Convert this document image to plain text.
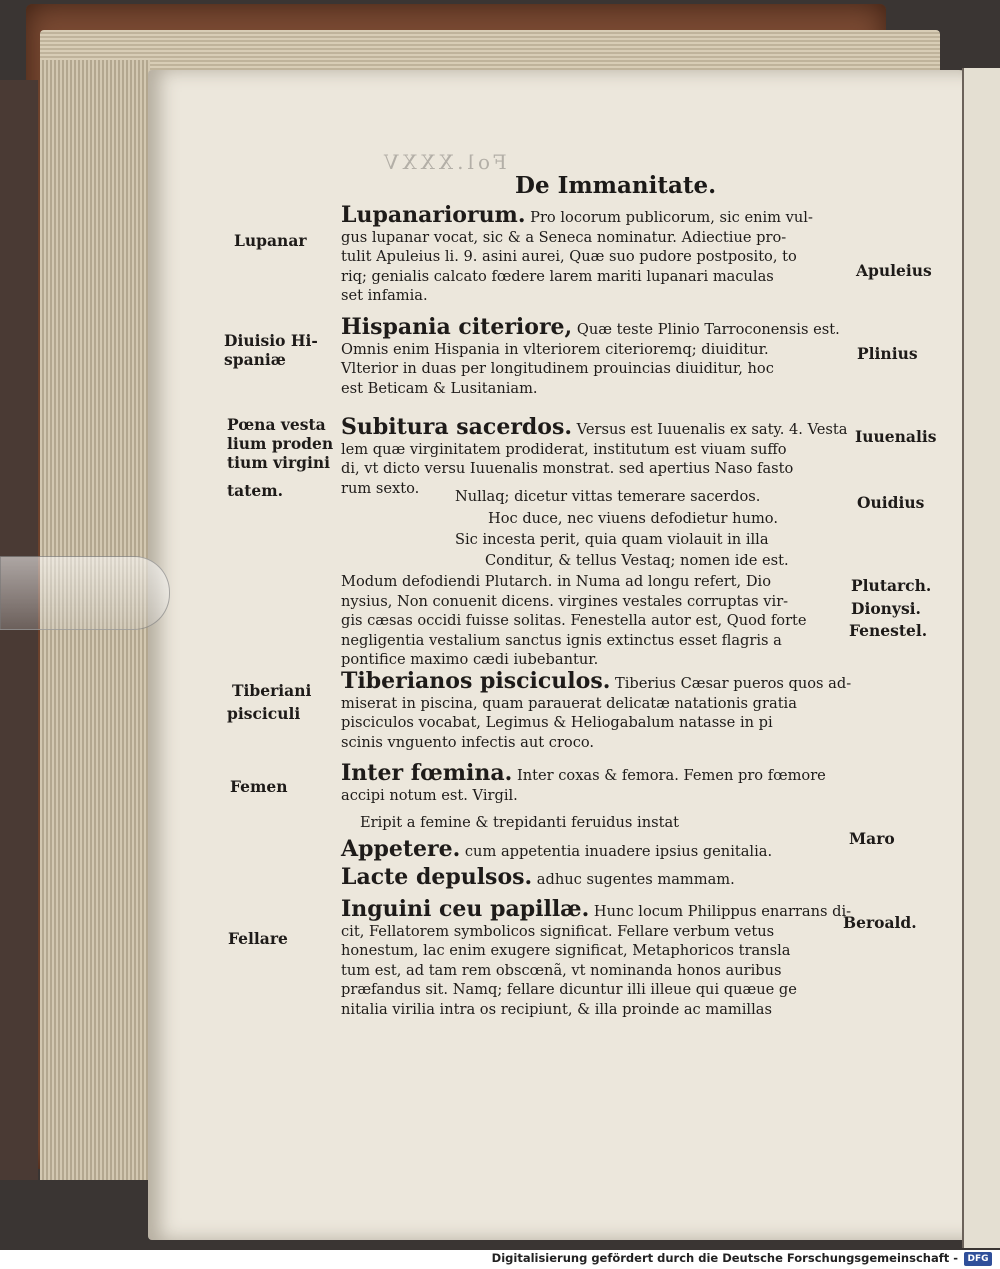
Fol.XXXV
De Immanitate.
Lupanariorum. Pro locorum publicorum, sic enim vul-
gus lupanar vocat, sic & a Seneca nominatur. Adiectiue pro-
tulit Apuleius li. 9. asini aurei, Quæ suo pudore postposito, to
riq; genialis calcato fœdere larem mariti lupanari maculas
set infamia.
Hispania citeriore, Quæ teste Plinio Tarroconensis est.
Omnis enim Hispania in vlteriorem citerioremq; diuiditur.
Vlterior in duas per longitudinem prouincias diuiditur, hoc
est Beticam & Lusitaniam.
Subitura sacerdos. Versus est Iuuenalis ex saty. 4. Vesta
lem quæ virginitatem prodiderat, institutum est viuam suffo
di, vt dicto versu Iuuenalis monstrat. sed apertius Naso fasto
rum sexto.	Nullaq; dicetur vittas temerare sacerdos.
Hoc duce, nec viuens defodietur humo.
Sic incesta perit, quia quam violauit in illa
Conditur, & tellus Vestaq; nomen ide est.
Modum defodiendi Plutarch. in Numa ad longu refert, Dio
nysius, Non conuenit dicens. virgines vestales corruptas vir-
gis cæsas occidi fuisse solitas. Fenestella autor est, Quod forte
negligentia vestalium sanctus ignis extinctus esset flagris a
pontifice maximo cædi iubebantur.
Tiberianos pisciculos. Tiberius Cæsar pueros quos ad-
miserat in piscina, quam parauerat delicatæ natationis gratia
pisciculos vocabat, Legimus & Heliogabalum natasse in pi
scinis vnguento infectis aut croco.
Inter fœmina. Inter coxas & femora. Femen pro fœmore
accipi notum est. Virgil.
Eripit a femine & trepidanti feruidus instat
Appetere. cum appetentia inuadere ipsius genitalia.
Lacte depulsos. adhuc sugentes mammam.
Inguini ceu papillæ. Hunc locum Philippus enarrans di-
cit, Fellatorem symbolicos significat. Fellare verbum vetus
honestum, lac enim exugere significat, Metaphoricos transla
tum est, ad tam rem obscœnã, vt nominanda honos auribus
præfandus sit. Namq; fellare dicuntur illi illeue qui quæue ge
nitalia virilia intra os recipiunt, & illa proinde ac mamillas
Lupanar
Diuisio Hi-
spaniæ
Pœna vesta
lium proden
tium virgini
tatem.
Tiberiani
pisciculi
Femen
Fellare
Apuleius
Plinius
Iuuenalis
Ouidius
Plutarch.
Dionysi.
Fenestel.
Maro
Beroald.
Digitalisierung gefördert durch die Deutsche Forschungsgemeinschaft -	DFG
